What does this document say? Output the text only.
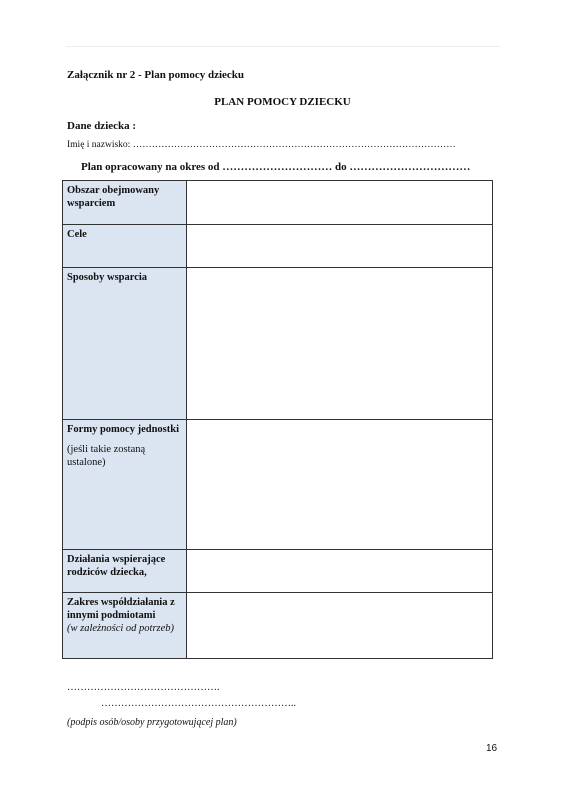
Załącznik nr 2 - Plan pomocy dziecku
PLAN POMOCY DZIECKU
Dane dziecka :
Imię i nazwisko: …………………………………………………………………………………………
Plan opracowany na okres od ………………………… do ……………………………
Obszar obejmowany wsparciem	
Cele	
Sposoby wsparcia	
Formy pomocy jednostki
(jeśli takie zostaną ustalone)	

Działania wspierające rodziców dziecka,	
Zakres współdziałania z innymi podmiotami
(w zależności od potrzeb)	

……………………………………….
…………………………………………………..
(podpis osób/osoby przygotowującej plan)
16
